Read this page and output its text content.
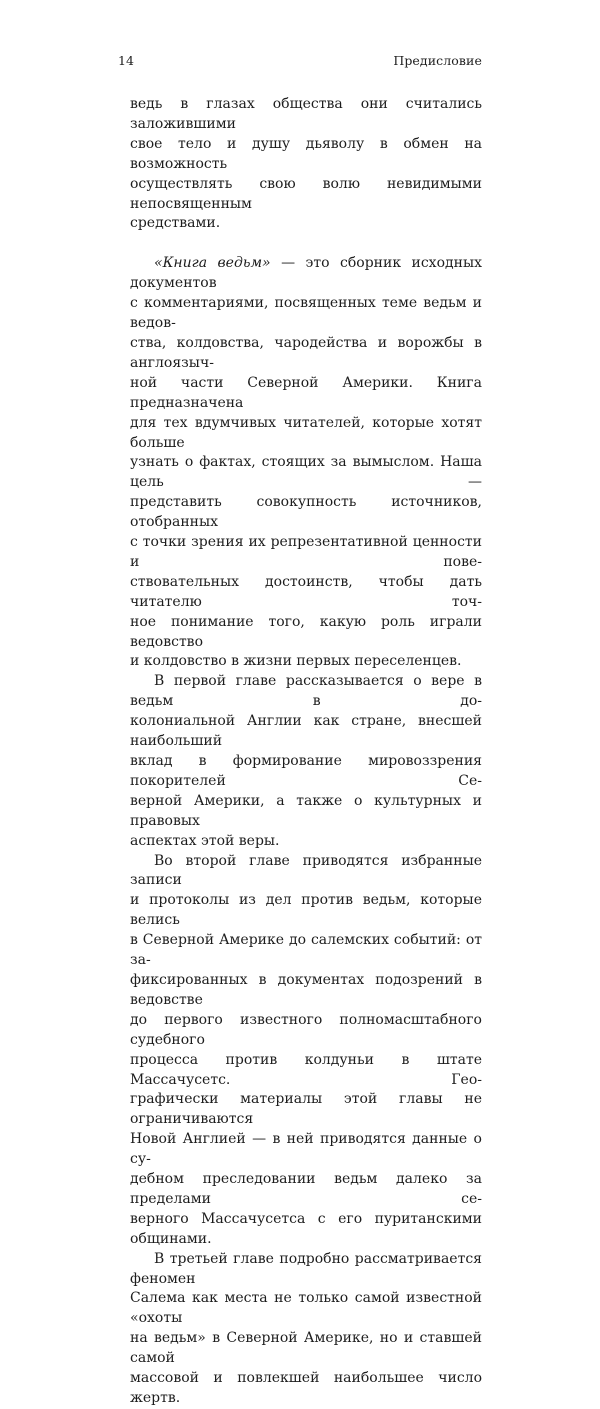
14	Предисловие

ведь в глазах общества они считались заложившими
свое тело и душу дьяволу в обмен на возможность
осуществлять свою волю невидимыми непосвященным

средствами.

«Книга ведьм» — это сборник исходных документов

с комментариями, посвященных теме ведьм и ведов-
ства, колдовства, чародейства и ворожбы в англоязыч-
ной части Северной Америки. Книга предназначена
для тех вдумчивых читателей, которые хотят больше
узнать о фактах, стоящих за вымыслом. Наша цель —
представить совокупность источников, отобранных
с точки зрения их репрезентативной ценности и пове-
ствовательных достоинств, чтобы дать читателю точ-
ное понимание того, какую роль играли ведовство

и колдовство в жизни первых переселенцев.

В первой главе рассказывается о вере в ведьм в до-

колониальной Англии как стране, внесшей наибольший
вклад в формирование мировоззрения покорителей Се-
верной Америки, а также о культурных и правовых

аспектах этой веры.

Во второй главе приводятся избранные записи

и протоколы из дел против ведьм, которые велись
в Северной Америке до салемских событий: от за-
фиксированных в документах подозрений в ведовстве
до первого известного полномасштабного судебного
процесса против колдуньи в штате Массачусетс. Гео-
графически материалы этой главы не ограничиваются
Новой Англией — в ней приводятся данные о су-
дебном преследовании ведьм далеко за пределами се-

верного Массачусетса с его пуританскими общинами.

В третьей главе подробно рассматривается феномен

Салема как места не только самой известной «охоты
на ведьм» в Северной Америке, но и ставшей самой

массовой и повлекшей наибольшее число жертв.
